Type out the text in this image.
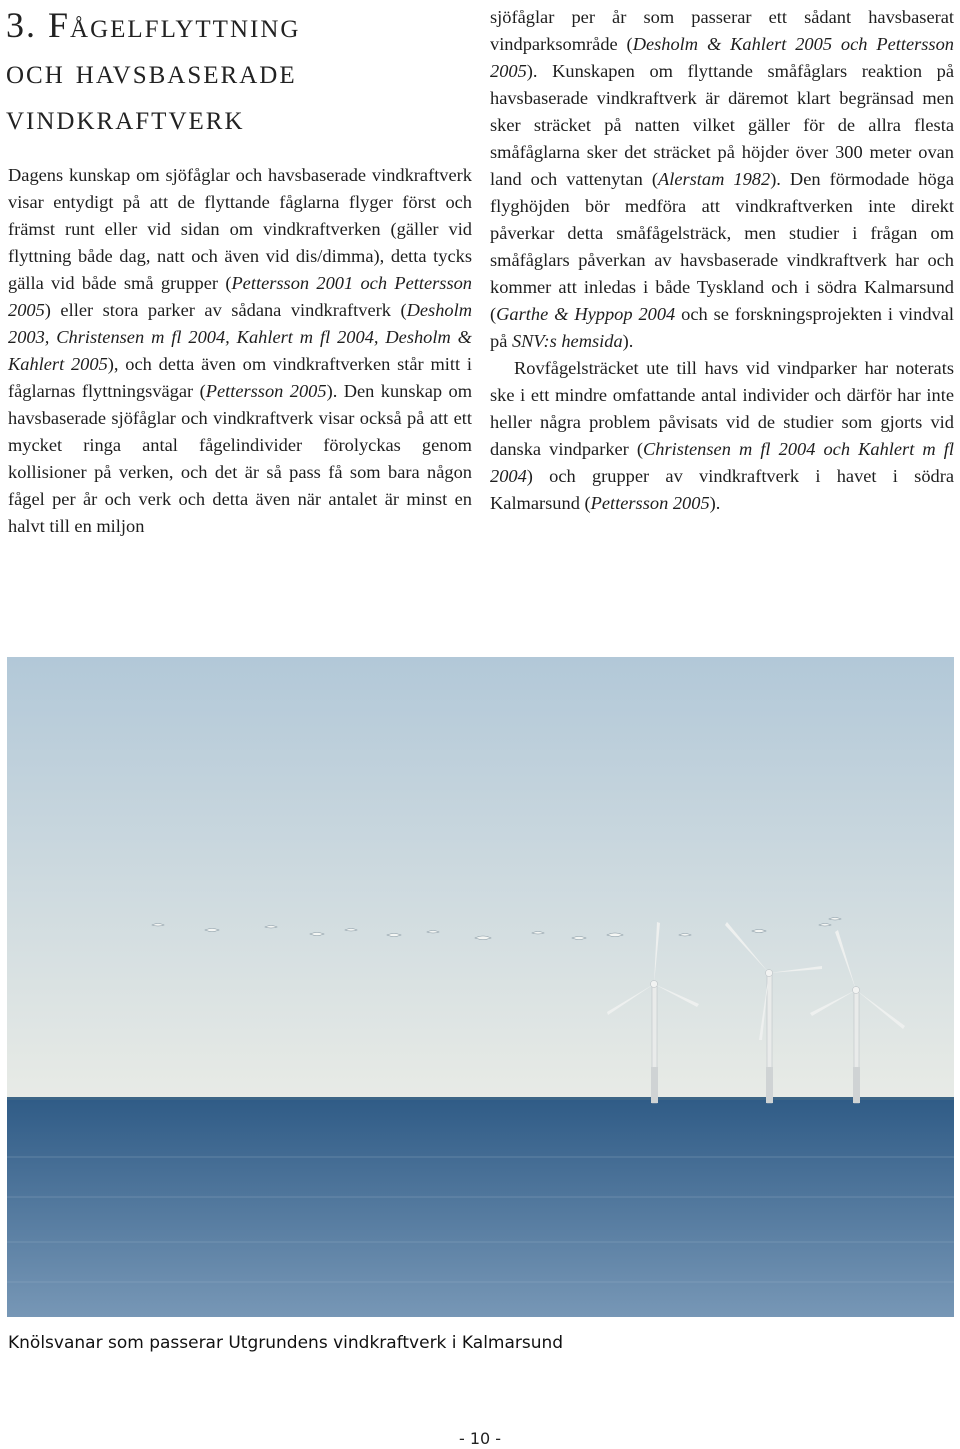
3. Fågelflyttning
och havsbaserade
vindkraftverk

Dagens kunskap om sjöfåglar och havsbaserade vindkraftverk visar entydigt på att de flyttande fåglarna flyger först och främst runt eller vid sidan om vindkraftverken (gäller vid flyttning både dag, natt och även vid dis/dimma), detta tycks gälla vid både små grupper (Pettersson 2001 och Pettersson 2005) eller stora parker av sådana vindkraftverk (Desholm 2003, Christensen m fl 2004, Kahlert m fl 2004, Desholm & Kahlert 2005), och detta även om vindkraftverken står mitt i fåglarnas flyttningsvägar (Pettersson 2005). Den kunskap om havsbaserade sjöfåglar och vindkraftverk visar också på att ett mycket ringa antal fågelindivider förolyckas genom kollisioner på verken, och det är så pass få som bara någon fågel per år och verk och detta även när antalet är minst en halvt till en miljon

sjöfåglar per år som passerar ett sådant havsbaserat vindparksområde (Desholm & Kahlert 2005 och Pettersson 2005). Kunskapen om flyttande småfåglars reaktion på havsbaserade vindkraftverk är däremot klart begränsad men sker sträcket på natten vilket gäller för de allra flesta småfåglarna sker det sträcket på höjder över 300 meter ovan land och vattenytan (Alerstam 1982). Den förmodade höga flyghöjden bör medföra att vindkraftverken inte direkt påverkar detta småfågelsträck, men studier i frågan om småfåglars påverkan av havsbaserade vindkraftverk har och kommer att inledas i både Tyskland och i södra Kalmarsund (Garthe & Hyppop 2004 och se forskningsprojekten i vindval på SNV:s hemsida).

Rovfågelsträcket ute till havs vid vindparker har noterats ske i ett mindre omfattande antal individer och därför har inte heller några problem påvisats vid de studier som gjorts vid danska vindparker (Christensen m fl 2004 och Kahlert m fl 2004) och grupper av vindkraftverk i havet i södra Kalmarsund (Pettersson 2005).

Knölsvanar som passerar Utgrundens vindkraftverk i Kalmarsund

- 10 -
